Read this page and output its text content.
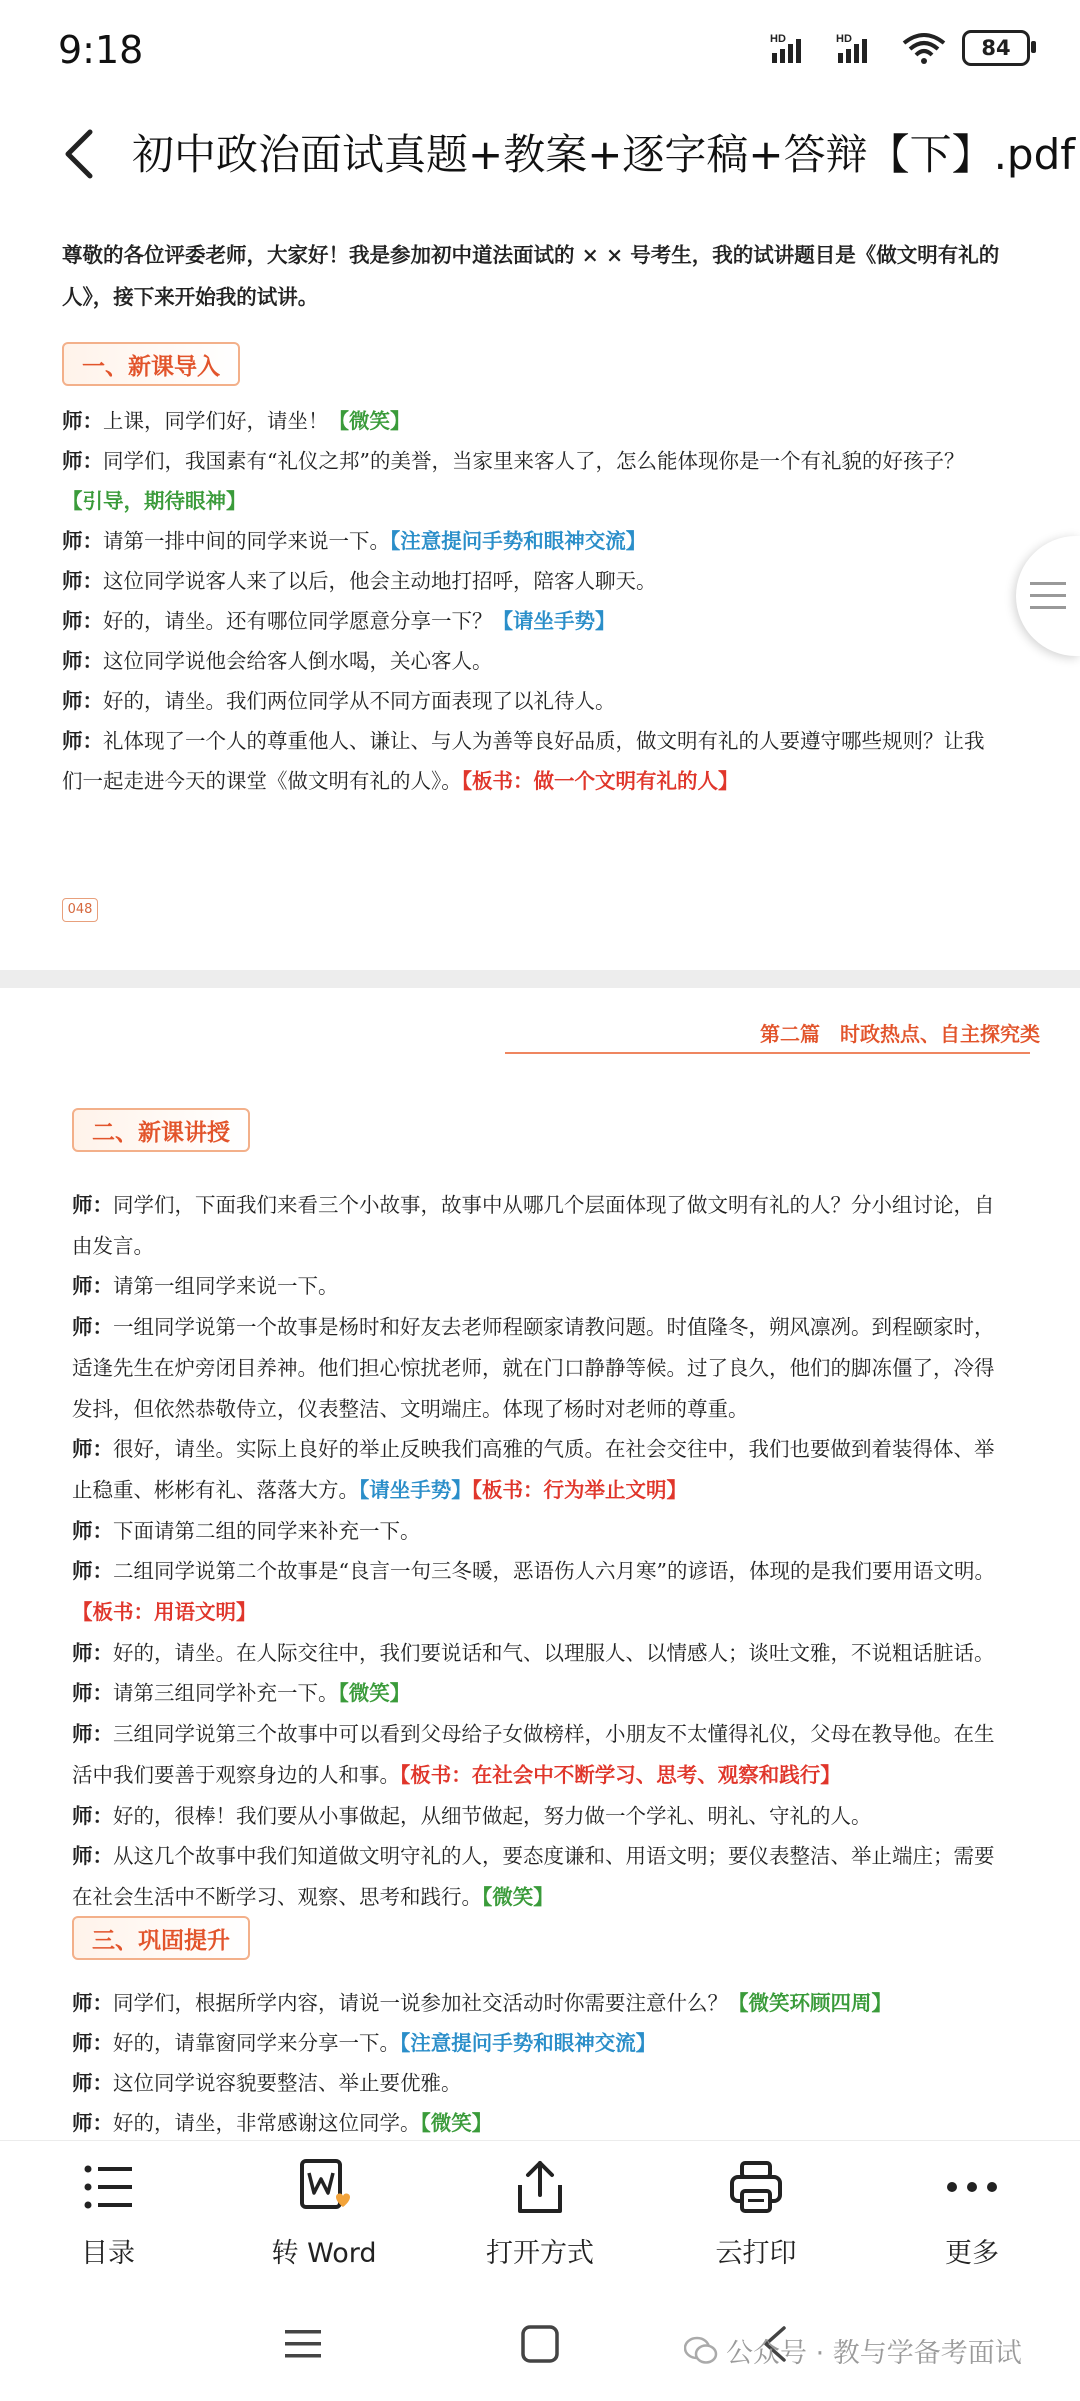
9:18	HD	HD	84
初中政治面试真题+教案+逐字稿+答辩【下】.pdf
尊敬的各位评委老师，大家好！我是参加初中道法面试的 × × 号考生，我的试讲题目是《做文明有礼的
人》，接下来开始我的试讲。
一、新课导入
师：上课，同学们好，请坐！【微笑】
师：同学们，我国素有“礼仪之邦”的美誉，当家里来客人了，怎么能体现你是一个有礼貌的好孩子？
【引导，期待眼神】
师：请第一排中间的同学来说一下。【注意提问手势和眼神交流】
师：这位同学说客人来了以后，他会主动地打招呼，陪客人聊天。
师：好的，请坐。还有哪位同学愿意分享一下？【请坐手势】
师：这位同学说他会给客人倒水喝，关心客人。
师：好的，请坐。我们两位同学从不同方面表现了以礼待人。
师：礼体现了一个人的尊重他人、谦让、与人为善等良好品质，做文明有礼的人要遵守哪些规则？让我
们一起走进今天的课堂《做文明有礼的人》。【板书：做一个文明有礼的人】
048
第二篇　时政热点、自主探究类
二、新课讲授
师：同学们，下面我们来看三个小故事，故事中从哪几个层面体现了做文明有礼的人？分小组讨论，自
由发言。
师：请第一组同学来说一下。
师：一组同学说第一个故事是杨时和好友去老师程颐家请教问题。时值隆冬，朔风凛冽。到程颐家时，
适逢先生在炉旁闭目养神。他们担心惊扰老师，就在门口静静等候。过了良久，他们的脚冻僵了，冷得
发抖，但依然恭敬侍立，仪表整洁、文明端庄。体现了杨时对老师的尊重。
师：很好，请坐。实际上良好的举止反映我们高雅的气质。在社会交往中，我们也要做到着装得体、举
止稳重、彬彬有礼、落落大方。【请坐手势】【板书：行为举止文明】
师：下面请第二组的同学来补充一下。
师：二组同学说第二个故事是“良言一句三冬暖，恶语伤人六月寒”的谚语，体现的是我们要用语文明。
【板书：用语文明】
师：好的，请坐。在人际交往中，我们要说话和气、以理服人、以情感人；谈吐文雅，不说粗话脏话。
师：请第三组同学补充一下。【微笑】
师：三组同学说第三个故事中可以看到父母给子女做榜样，小朋友不太懂得礼仪，父母在教导他。在生
活中我们要善于观察身边的人和事。【板书：在社会中不断学习、思考、观察和践行】
师：好的，很棒！我们要从小事做起，从细节做起，努力做一个学礼、明礼、守礼的人。
师：从这几个故事中我们知道做文明守礼的人，要态度谦和、用语文明；要仪表整洁、举止端庄；需要
在社会生活中不断学习、观察、思考和践行。【微笑】
三、巩固提升
师：同学们，根据所学内容，请说一说参加社交活动时你需要注意什么？【微笑环顾四周】
师：好的，请靠窗同学来分享一下。【注意提问手势和眼神交流】
师：这位同学说容貌要整洁、举止要优雅。
师：好的，请坐，非常感谢这位同学。【微笑】
目录	转 Word	打开方式	云打印	更多
公众号 · 教与学备考面试
